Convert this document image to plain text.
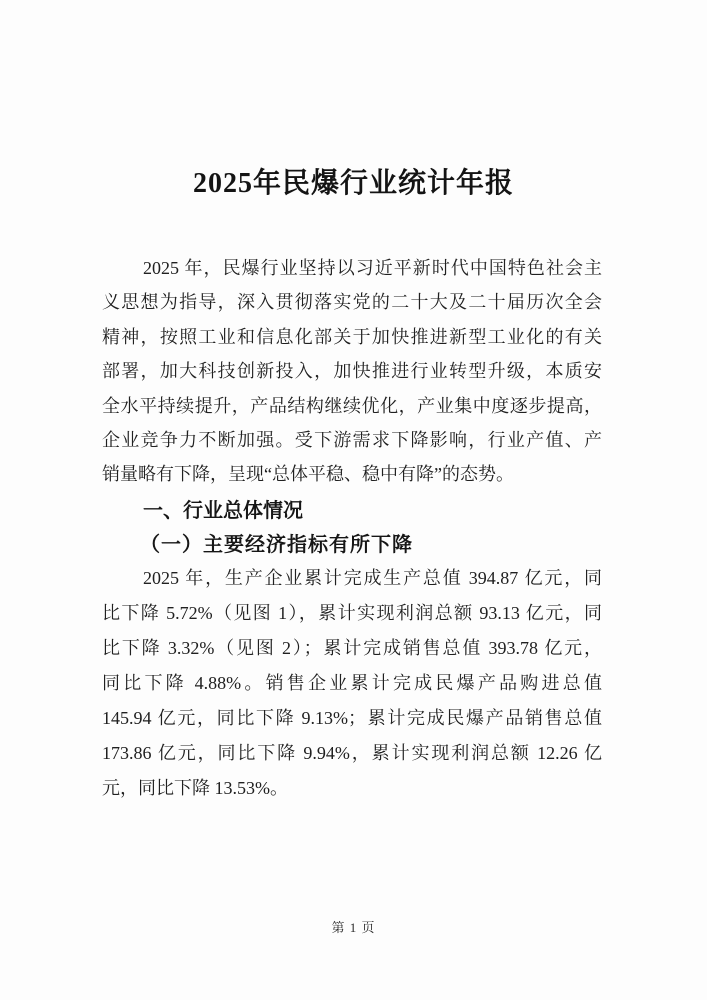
2025年民爆行业统计年报
2025 年，民爆行业坚持以习近平新时代中国特色社会主
义思想为指导，深入贯彻落实党的二十大及二十届历次全会
精神，按照工业和信息化部关于加快推进新型工业化的有关
部署，加大科技创新投入，加快推进行业转型升级，本质安
全水平持续提升，产品结构继续优化，产业集中度逐步提高，
企业竞争力不断加强。受下游需求下降影响，行业产值、产
销量略有下降，呈现“总体平稳、稳中有降”的态势。
一、行业总体情况
（一）主要经济指标有所下降
2025 年，生产企业累计完成生产总值 394.87 亿元，同
比下降 5.72%（见图 1），累计实现利润总额 93.13 亿元，同
比下降 3.32%（见图 2）；累计完成销售总值 393.78 亿元，
同比下降 4.88%。销售企业累计完成民爆产品购进总值
145.94 亿元，同比下降 9.13%；累计完成民爆产品销售总值
173.86 亿元，同比下降 9.94%，累计实现利润总额 12.26 亿
元，同比下降 13.53%。
第 1 页
